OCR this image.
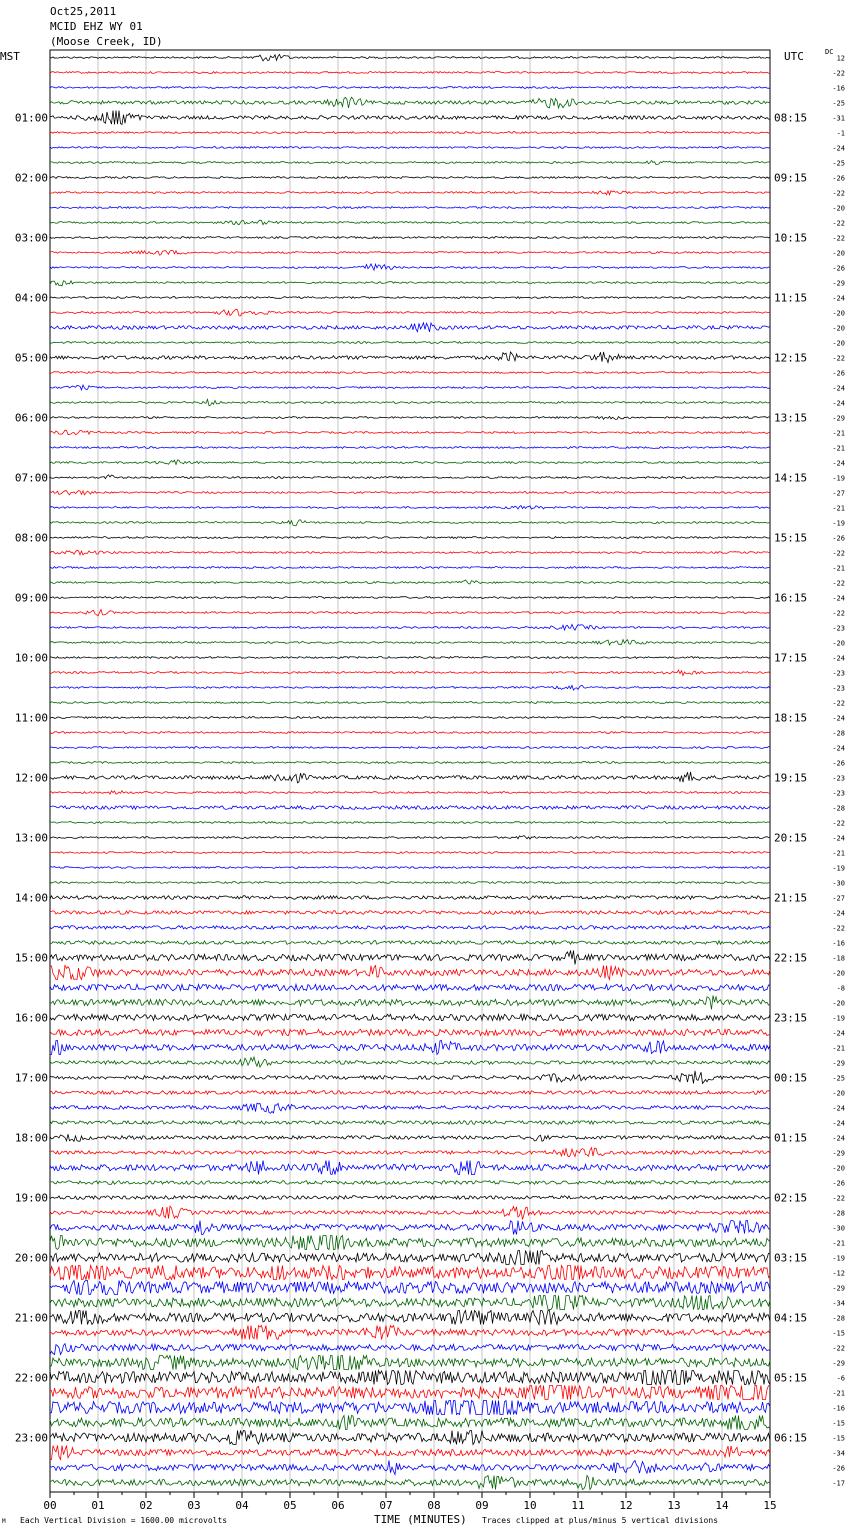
Oct25,2011
MCID EHZ WY 01
(Moose Creek, ID)
MST	UTC	DC
00	01	02	03	04	05	06	07	08	09	10	11	12	13	14	15
12
-22
-16
-25
-31
-1
-24
-25
-26
-22
-20
-22
-22
-20
-26
-29
-24
-20
-20
-20
-22
-26
-24
-24
-29
-21
-21
-24
-19
-27
-21
-19
-26
-22
-21
-22
-24
-22
-23
-20
-24
-23
-23
-22
-24
-28
-24
-26
-23
-23
-28
-22
-24
-21
-19
-30
-27
-24
-22
-16
-18
-20
-8
-20
-19
-24
-21
-29
-25
-20
-24
-24
-24
-29
-20
-26
-22
-28
-30
-21
-19
-12
-29
-34
-28
-15
-22
-29
-6
-21
-16
-15
-15
-34
-26
-17
01:00
02:00
03:00
04:00
05:00
06:00
07:00
08:00
09:00
10:00
11:00
12:00
13:00
14:00
15:00
16:00
17:00
18:00
19:00
20:00
21:00
22:00
23:00
08:15
09:15
10:15
11:15
12:15
13:15
14:15
15:15
16:15
17:15
18:15
19:15
20:15
21:15
22:15
23:15
00:15
01:15
02:15
03:15
04:15
05:15
06:15
M Each Vertical Division = 1600.00 microvolts	TIME (MINUTES) Traces clipped at plus/minus 5 vertical divisions
